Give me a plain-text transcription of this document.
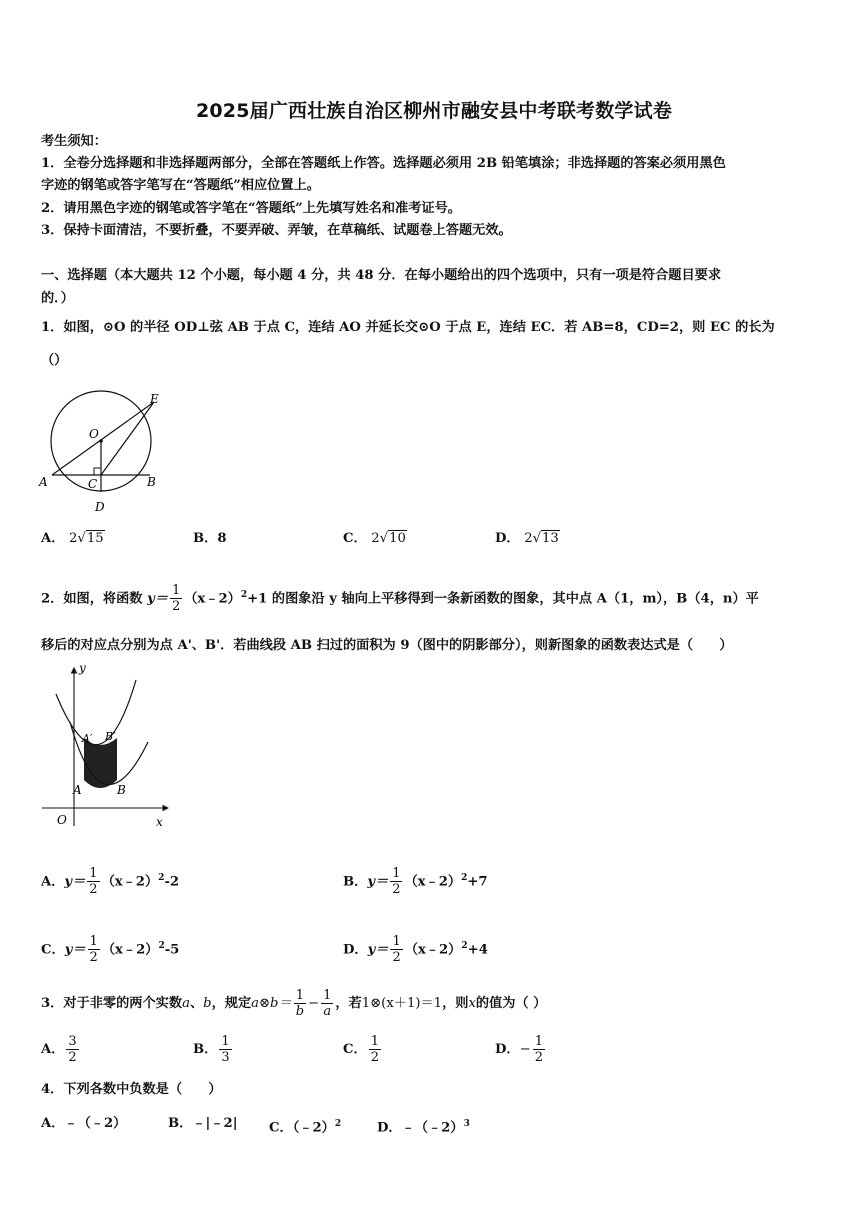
2025届广西壮族自治区柳州市融安县中考联考数学试卷
考生须知：
1．全卷分选择题和非选择题两部分，全部在答题纸上作答。选择题必须用 2B 铅笔填涂；非选择题的答案必须用黑色
字迹的钢笔或答字笔写在“答题纸”相应位置上。
2．请用黑色字迹的钢笔或答字笔在“答题纸”上先填写姓名和准考证号。
3．保持卡面清洁，不要折叠，不要弄破、弄皱，在草稿纸、试题卷上答题无效。
一、选择题（本大题共 12 个小题，每小题 4 分，共 48 分．在每小题给出的四个选项中，只有一项是符合题目要求
的．）
1．如图，⊙O 的半径 OD⊥弦 AB 于点 C，连结 AO 并延长交⊙O 于点 E，连结 EC．若 AB=8，CD=2，则 EC 的长为
（）
E
O
A	C	B
D
A． 2√15	B．8	C． 2√10	D． 2√13
2．如图，将函数 $y= \frac{1}{2}$ （x﹣2）$^2$+1 的图象沿 y 轴向上平移得到一条新函数的图象，其中点 A（1，m），B（4，n）平
移后的对应点分别为点 A'、B'．若曲线段 AB 扫过的面积为 9（图中的阴影部分），则新图象的函数表达式是（　　）
y
x
O
A	B
A′ B′
A．$y= \frac{1}{2}$ （x﹣2）$^2$-2	B．$y= \frac{1}{2}$ （x﹣2）$^2$+7
C．$y= \frac{1}{2}$ （x﹣2）$^2$-5	D．$y= \frac{1}{2}$ （x﹣2）$^2$+4
3．对于非零的两个实数a、b，规定a⊗b＝ $\frac{1}{b} - \frac{1}{a}$ ，若1⊗(x＋1)＝1，则x的值为（ ）
A． $\frac{3}{2}$	B． $\frac{1}{3}$	C． $\frac{1}{2}$	D．− $\frac{1}{2}$
4．下列各数中负数是（　　）
A．﹣（﹣2）	B．﹣|﹣2| C．（﹣2）$^2$	D．﹣（﹣2）$^3$
